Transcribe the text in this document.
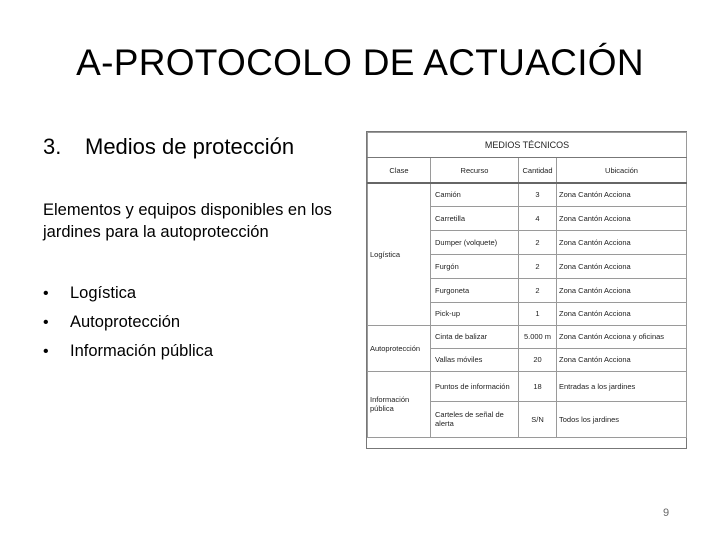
A-PROTOCOLO DE ACTUACIÓN
3. Medios de protección
Elementos y equipos disponibles en los jardines para la autoprotección
•	Logística
•	Autoprotección
•	Información pública
MEDIOS TÉCNICOS			
Clase	Recurso	Cantidad	Ubicación
Logística	Camión	3	Zona Cantón Acciona
	Carretilla	4	Zona Cantón Acciona
	Dumper (volquete)	2	Zona Cantón Acciona
	Furgón	2	Zona Cantón Acciona
	Furgoneta	2	Zona Cantón Acciona
	Pick-up	1	Zona Cantón Acciona
Autoprotección	Cinta de balizar	5.000 m	Zona Cantón Acciona y oficinas
	Vallas móviles	20	Zona Cantón Acciona
Información pública	Puntos de información	18	Entradas a los jardines
	Carteles de señal de alerta	S/N	Todos los jardines
9
